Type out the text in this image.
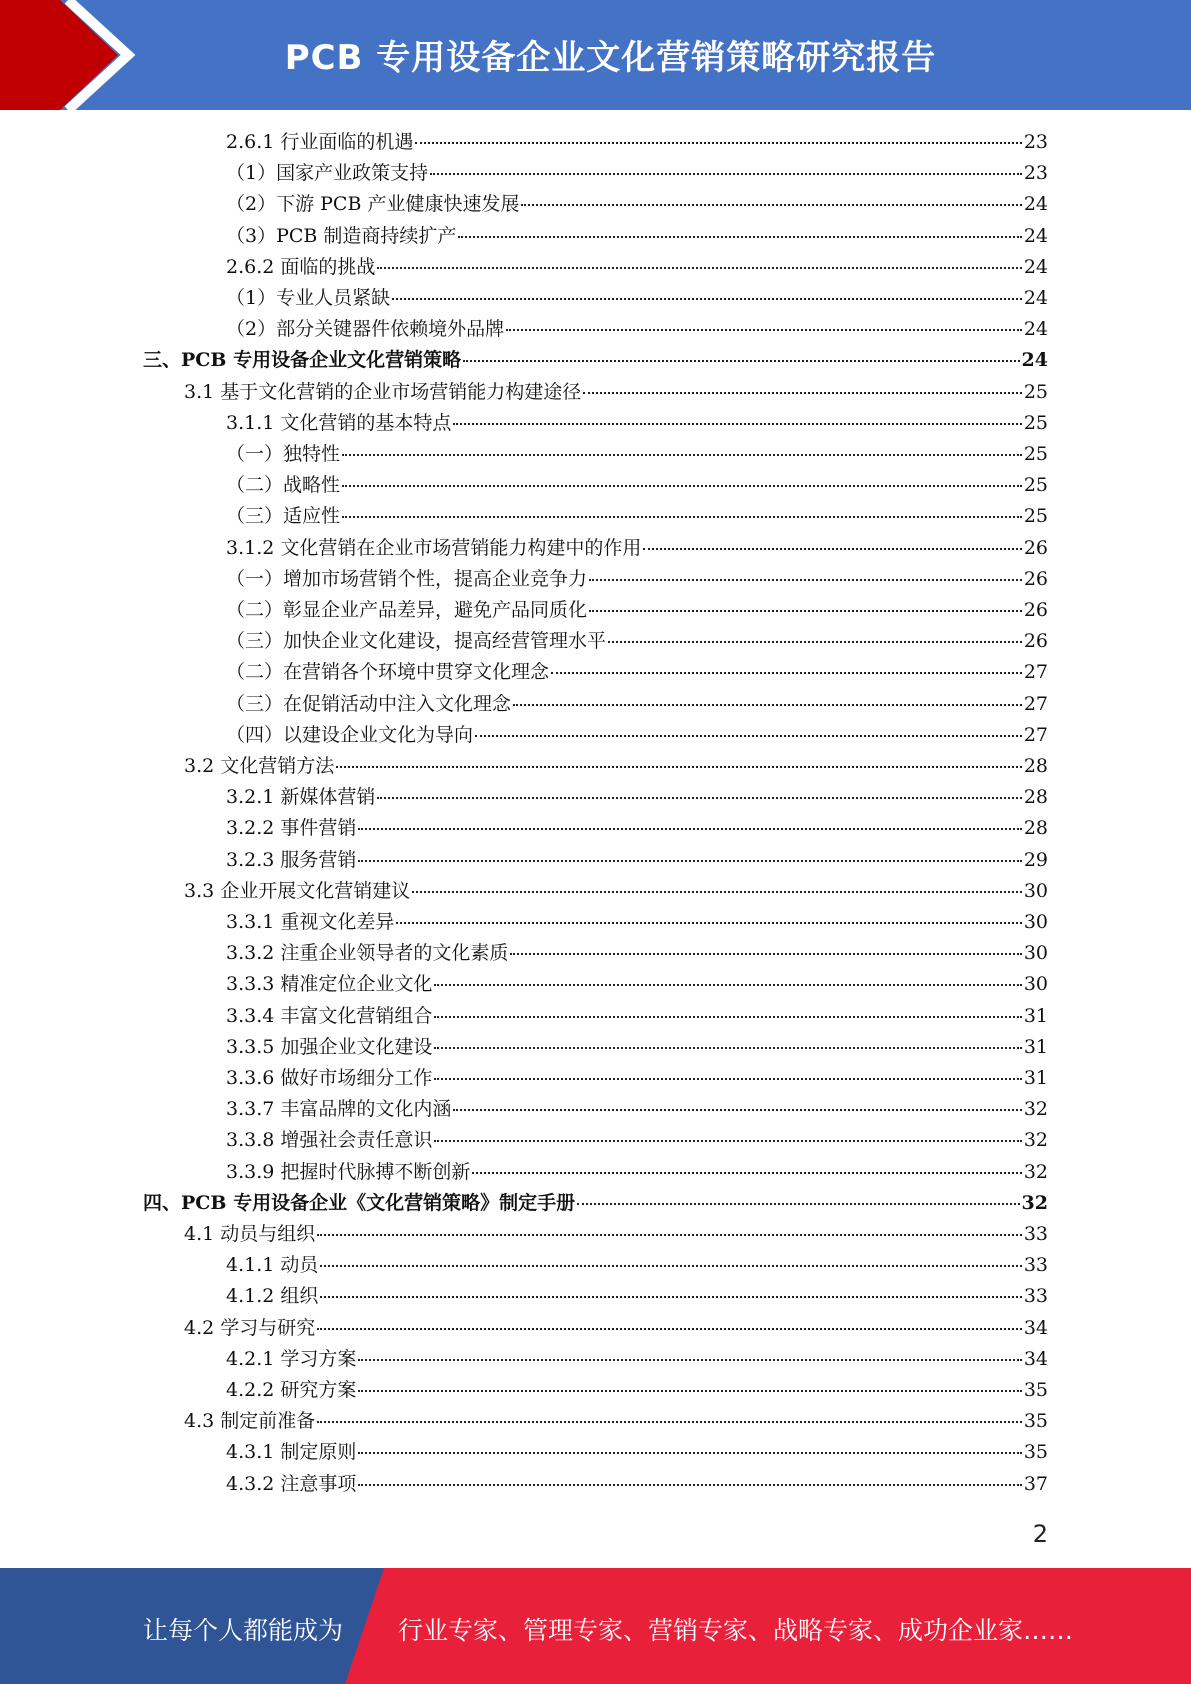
PCB 专用设备企业文化营销策略研究报告
2.6.1 行业面临的机遇	23
（1）国家产业政策支持	23
（2）下游 PCB 产业健康快速发展	24
（3）PCB 制造商持续扩产	24
2.6.2 面临的挑战	24
（1）专业人员紧缺	24
（2）部分关键器件依赖境外品牌	24
三、PCB 专用设备企业文化营销策略	24
3.1 基于文化营销的企业市场营销能力构建途径	25
3.1.1 文化营销的基本特点	25
（一）独特性	25
（二）战略性	25
（三）适应性	25
3.1.2 文化营销在企业市场营销能力构建中的作用	26
（一）增加市场营销个性，提高企业竞争力	26
（二）彰显企业产品差异，避免产品同质化	26
（三）加快企业文化建设，提高经营管理水平	26
（二）在营销各个环境中贯穿文化理念	27
（三）在促销活动中注入文化理念	27
（四）以建设企业文化为导向	27
3.2 文化营销方法	28
3.2.1 新媒体营销	28
3.2.2 事件营销	28
3.2.3 服务营销	29
3.3 企业开展文化营销建议	30
3.3.1 重视文化差异	30
3.3.2 注重企业领导者的文化素质	30
3.3.3 精准定位企业文化	30
3.3.4 丰富文化营销组合	31
3.3.5 加强企业文化建设	31
3.3.6 做好市场细分工作	31
3.3.7 丰富品牌的文化内涵	32
3.3.8 增强社会责任意识	32
3.3.9 把握时代脉搏不断创新	32
四、PCB 专用设备企业《文化营销策略》制定手册	32
4.1 动员与组织	33
4.1.1 动员	33
4.1.2 组织	33
4.2 学习与研究	34
4.2.1 学习方案	34
4.2.2 研究方案	35
4.3 制定前准备	35
4.3.1 制定原则	35
4.3.2 注意事项	37
2
让每个人都能成为 行业专家、管理专家、营销专家、战略专家、成功企业家……
